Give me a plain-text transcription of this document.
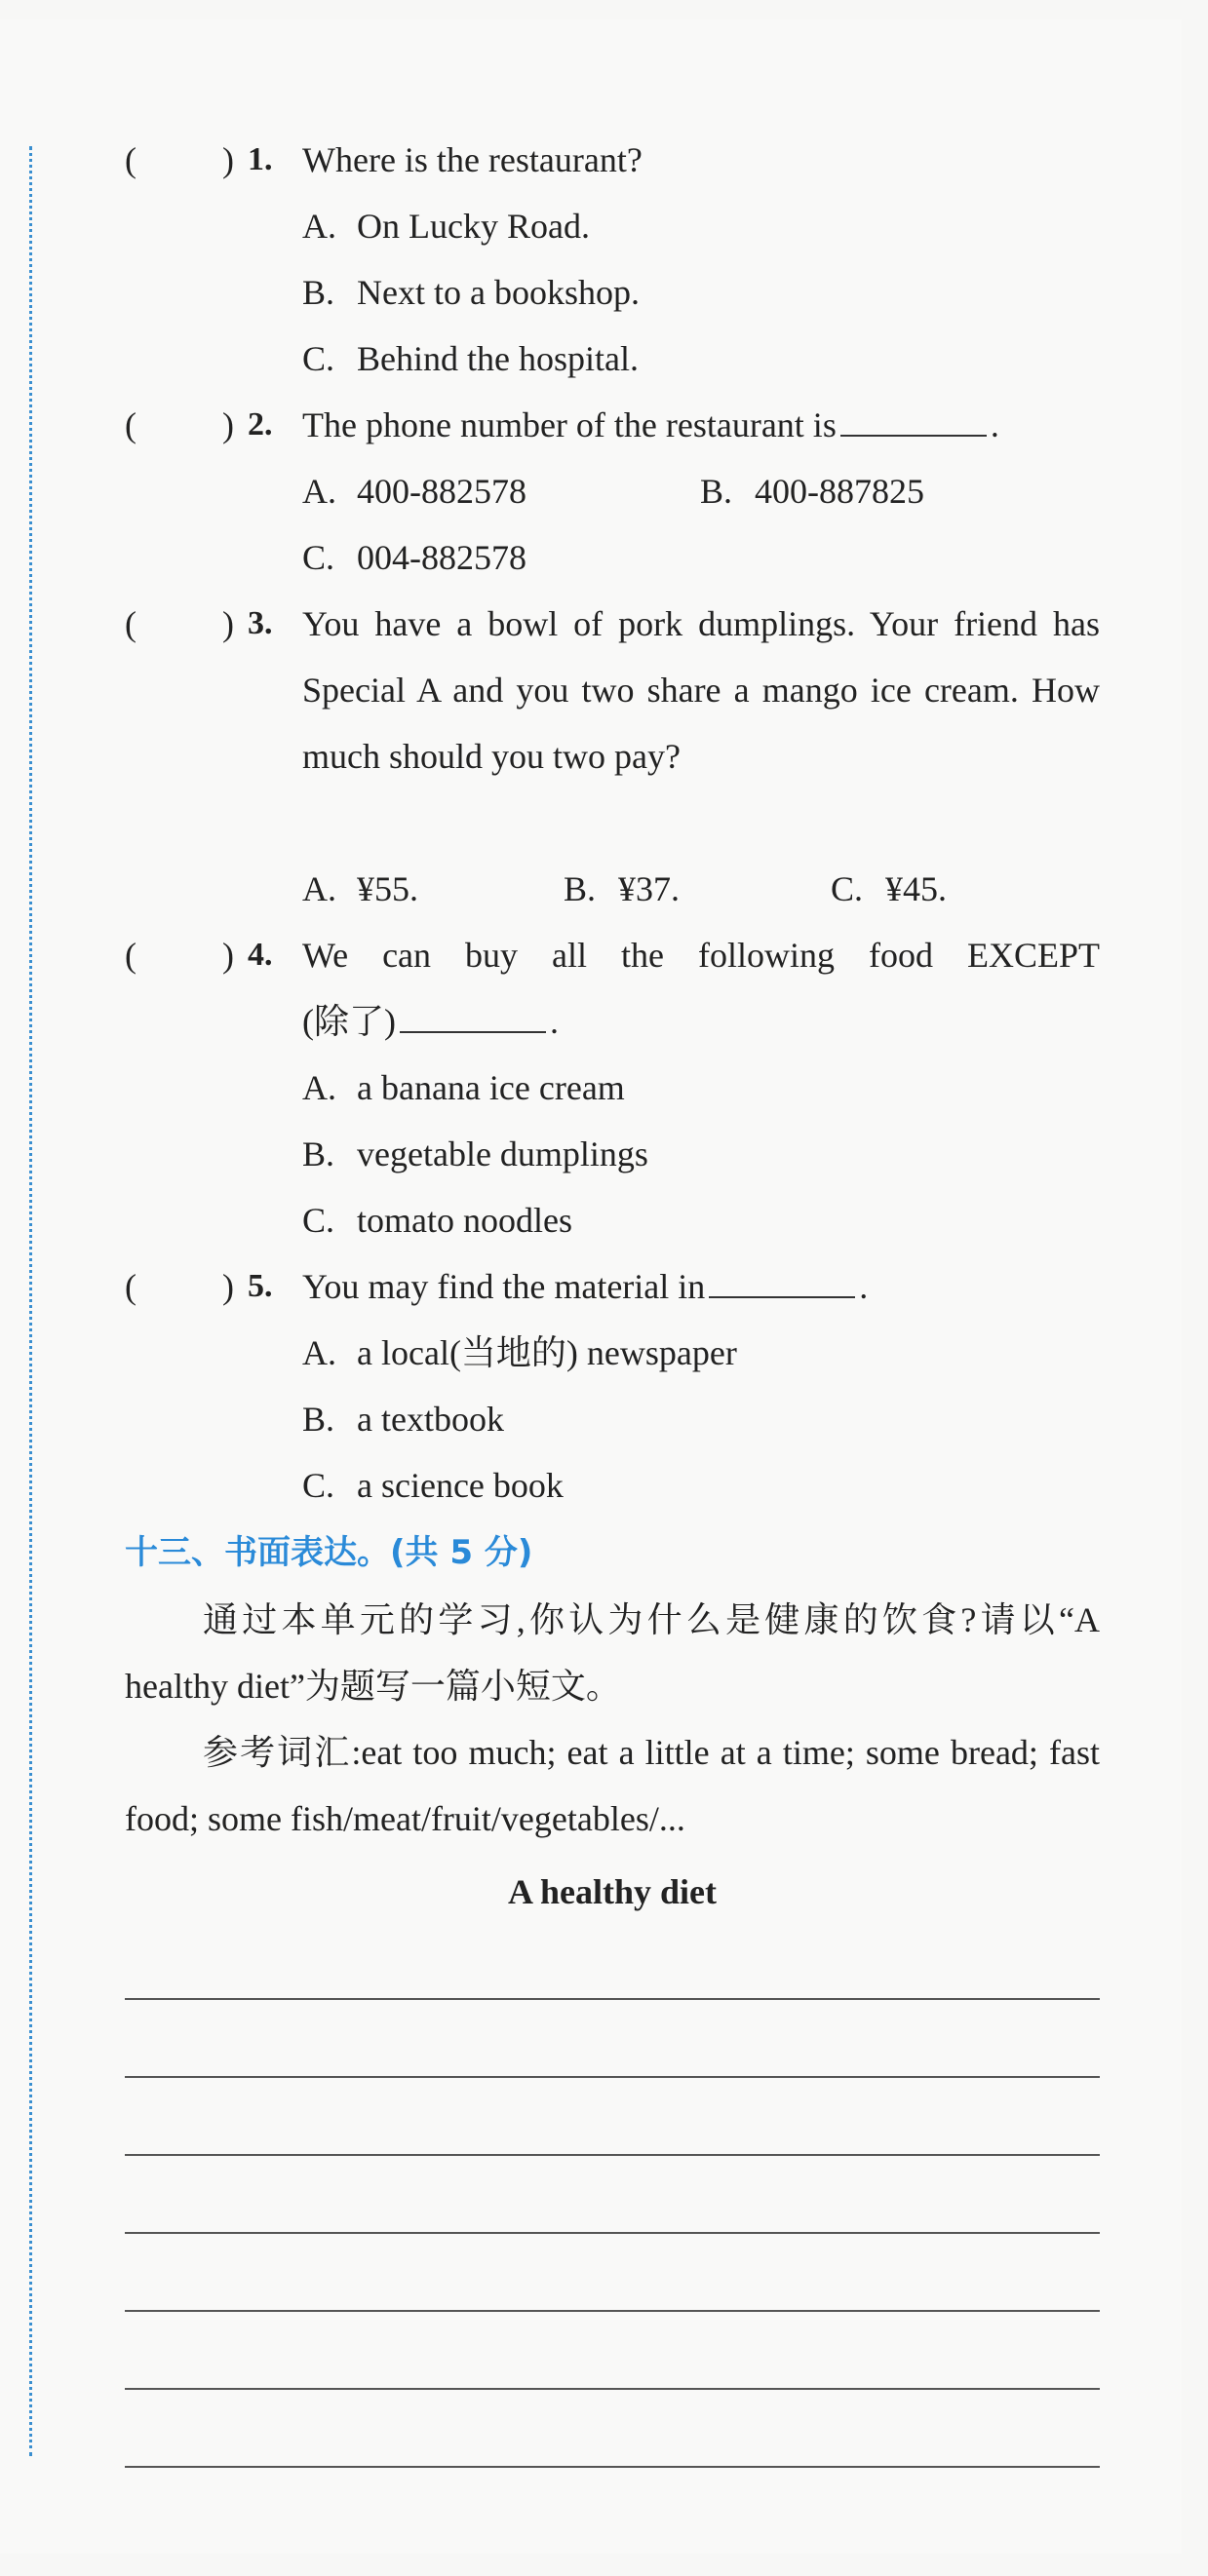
( ) 1. Where is the restaurant?
A. On Lucky Road.
B. Next to a bookshop.
C. Behind the hospital.
( ) 2. The phone number of the restaurant is	.
A. 400-882578	B. 400-887825
C. 004-882578
( ) 3. You have a bowl of pork dumplings. Your friend has Special A and you two share a mango ice cream. How much should you two pay?
A. ¥55.	B. ¥37.	C. ¥45.
( ) 4. We can buy all the following food EXCEPT
(除了)	.
A. a banana ice cream
B. vegetable dumplings
C. tomato noodles
( ) 5. You may find the material in	.
A. a local(当地的) newspaper
B. a textbook
C. a science book
十三、书面表达。(共 5 分)
通过本单元的学习,你认为什么是健康的饮食?请以“A healthy diet”为题写一篇小短文。
参考词汇:eat too much; eat a little at a time; some bread; fast food; some fish/meat/fruit/vegetables/...
A healthy diet
